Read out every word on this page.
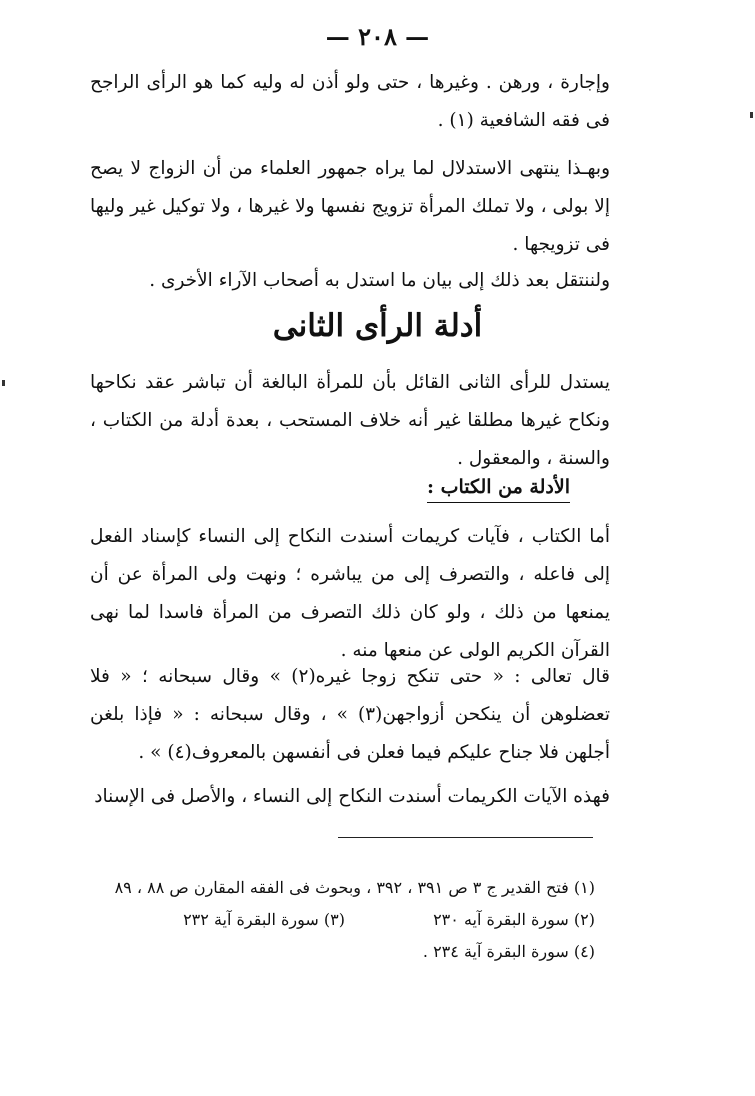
— ٢٠٨ —
وإجارة ، ورهن . وغيرها ، حتى ولو أذن له وليه كما هو الرأى الراجح فى فقه الشافعية (١) .
وبهـذا ينتهى الاستدلال لما يراه جمهور العلماء من أن الزواج لا يصح إلا بولى ، ولا تملك المرأة تزويج نفسها ولا غيرها ، ولا توكيل غير وليها فى تزويجها .
ولننتقل بعد ذلك إلى بيان ما استدل به أصحاب الآراء الأخرى .
أدلة الرأى الثانى
يستدل للرأى الثانى القائل بأن للمرأة البالغة أن تباشر عقد نكاحها ونكاح غيرها مطلقا غير أنه خلاف المستحب ، بعدة أدلة من الكتاب ، والسنة ، والمعقول .
الأدلة من الكتاب :
أما الكتاب ، فآيات كريمات أسندت النكاح إلى النساء كإسناد الفعل إلى فاعله ، والتصرف إلى من يباشره ؛ ونهت ولى المرأة عن أن يمنعها من ذلك ، ولو كان ذلك التصرف من المرأة فاسدا لما نهى القرآن الكريم الولى عن منعها منه .
قال تعالى : « حتى تنكح زوجا غيره(٢) » وقال سبحانه ؛ « فلا تعضلوهن أن ينكحن أزواجهن(٣) » ، وقال سبحانه : « فإذا بلغن أجلهن فلا جناح عليكم فيما فعلن فى أنفسهن بالمعروف(٤) » .
فهذه الآيات الكريمات أسندت النكاح إلى النساء ، والأصل فى الإسناد
(١) فتح القدير ج ٣ ص ٣٩١ ، ٣٩٢ ، وبحوث فى الفقه المقارن ص ٨٨ ، ٨٩
(٢) سورة البقرة آيه ٢٣٠
(٣) سورة البقرة آية ٢٣٢
(٤) سورة البقرة آية ٢٣٤ .
